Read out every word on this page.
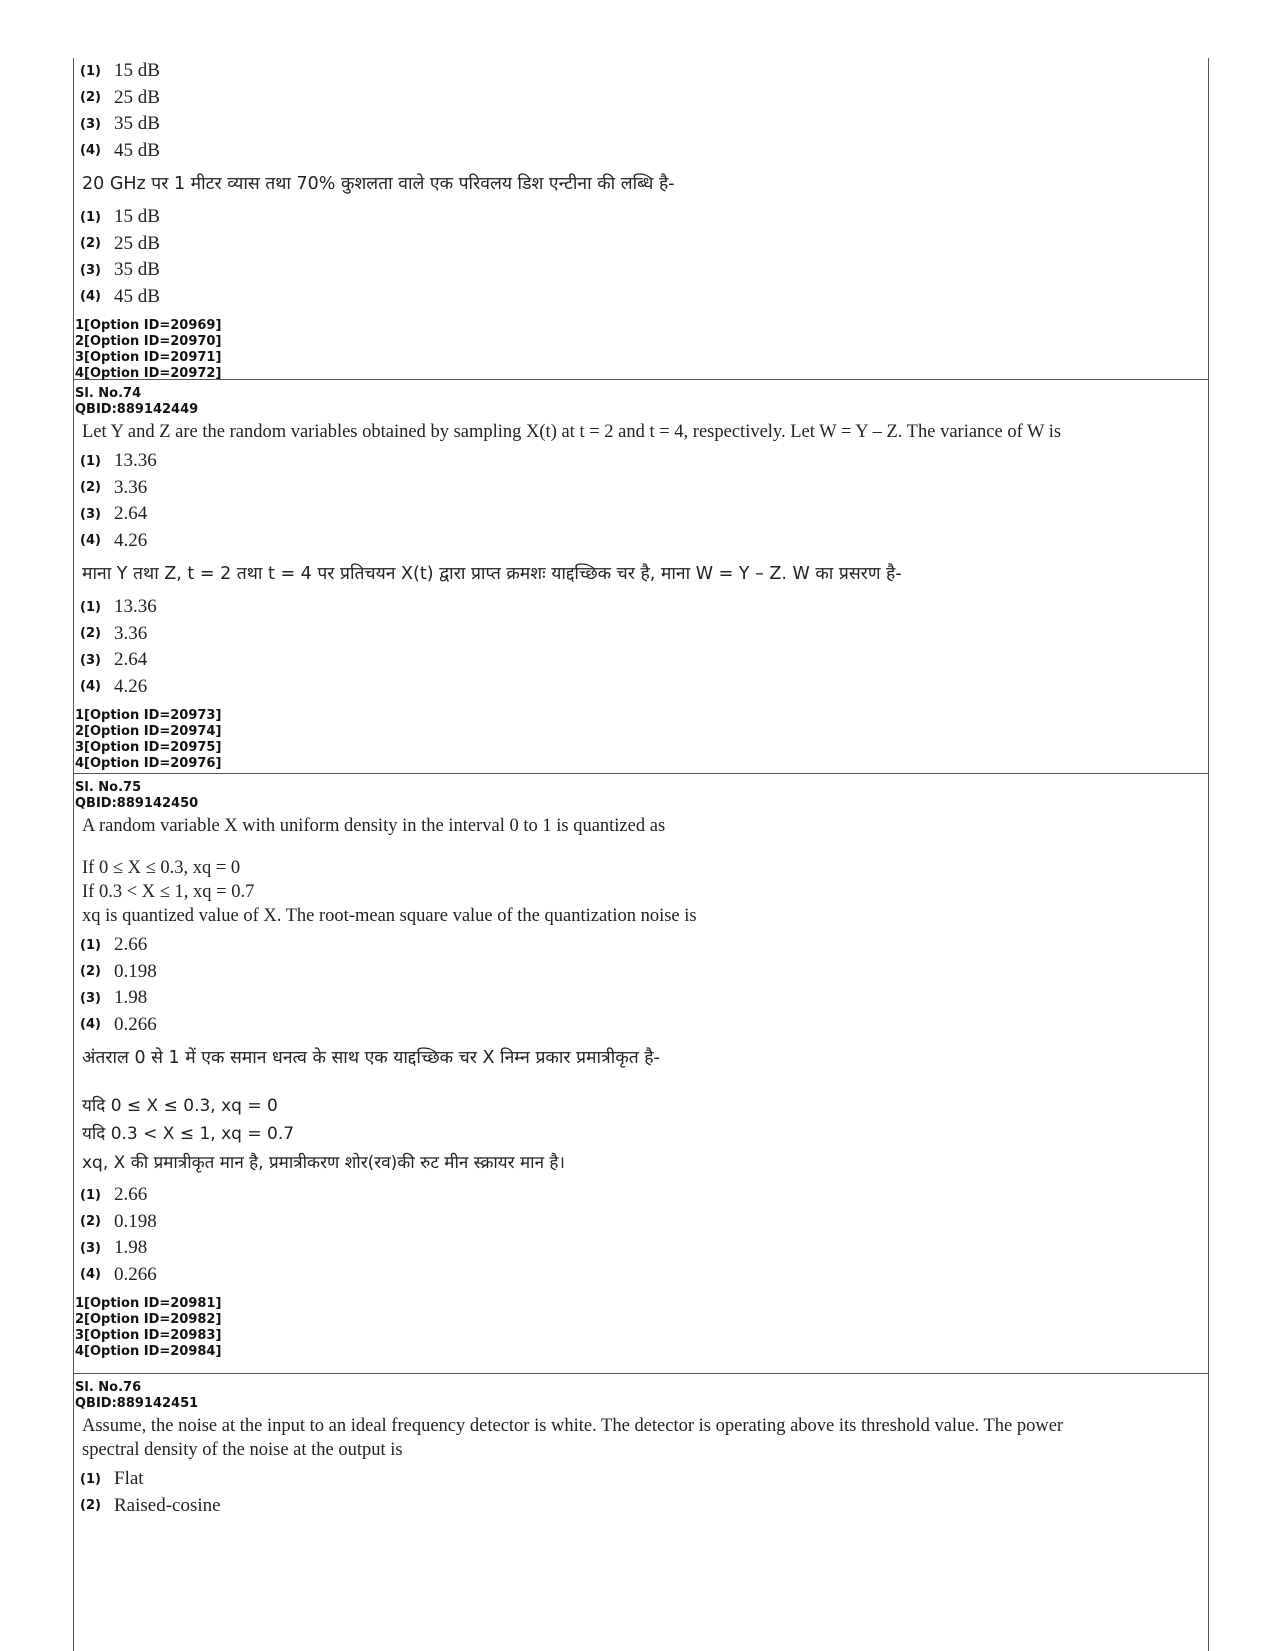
(1) 15 dB
(2) 25 dB
(3) 35 dB
(4) 45 dB
20 GHz पर 1 मीटर व्यास तथा 70% कुशलता वाले एक परिवलय डिश एन्टीना की लब्धि है-
(1) 15 dB
(2) 25 dB
(3) 35 dB
(4) 45 dB
1[Option ID=20969]
2[Option ID=20970]
3[Option ID=20971]
4[Option ID=20972]
Sl. No.74
QBID:889142449
Let Y and Z are the random variables obtained by sampling X(t) at t = 2 and t = 4, respectively. Let W = Y – Z. The variance of W is
(1) 13.36
(2) 3.36
(3) 2.64
(4) 4.26
माना Y तथा Z, t = 2 तथा t = 4 पर प्रतिचयन X(t) द्वारा प्राप्त क्रमशः याद्दच्छिक चर है, माना W = Y – Z. W का प्रसरण है-
(1) 13.36
(2) 3.36
(3) 2.64
(4) 4.26
1[Option ID=20973]
2[Option ID=20974]
3[Option ID=20975]
4[Option ID=20976]
Sl. No.75
QBID:889142450
A random variable X with uniform density in the interval 0 to 1 is quantized as
If 0 ≤ X ≤ 0.3, xq = 0
If 0.3 < X ≤ 1, xq = 0.7
xq is quantized value of X. The root-mean square value of the quantization noise is
(1) 2.66
(2) 0.198
(3) 1.98
(4) 0.266
अंतराल 0 से 1 में एक समान धनत्व के साथ एक याद्दच्छिक चर X निम्न प्रकार प्रमात्रीकृत है-
यदि 0 ≤ X ≤ 0.3, xq = 0
यदि 0.3 < X ≤ 1, xq = 0.7
xq, X की प्रमात्रीकृत मान है, प्रमात्रीकरण शोर(रव)की रुट मीन स्क्रायर मान है।
(1) 2.66
(2) 0.198
(3) 1.98
(4) 0.266
1[Option ID=20981]
2[Option ID=20982]
3[Option ID=20983]
4[Option ID=20984]
Sl. No.76
QBID:889142451
Assume, the noise at the input to an ideal frequency detector is white. The detector is operating above its threshold value. The power
spectral density of the noise at the output is
(1) Flat
(2) Raised-cosine
